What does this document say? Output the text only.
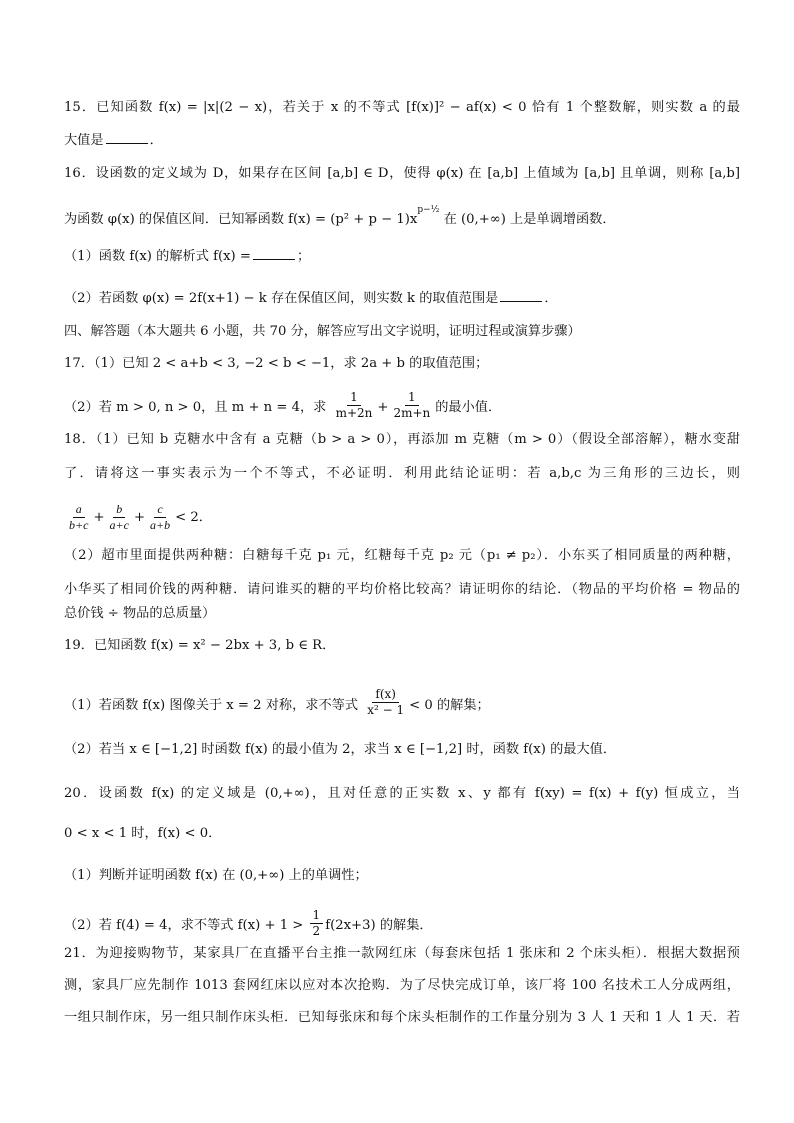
15．已知函数 f(x) = |x|(2 − x)，若关于 x 的不等式 [f(x)]² − af(x) < 0 恰有 1 个整数解，则实数 a 的最
大值是	．
16．设函数的定义域为 D，如果存在区间 [a,b] ∈ D，使得 φ(x) 在 [a,b] 上值域为 [a,b] 且单调，则称 [a,b]
为函数 φ(x) 的保值区间．已知幂函数 $f(x) = (p^2 + p - 1)x^{p-\frac{1}{2}}$ 在 (0,+∞) 上是单调增函数．
（1）函数 f(x) 的解析式 f(x) =	；
（2）若函数 φ(x) = 2f(x+1) − k 存在保值区间，则实数 k 的取值范围是	．
四、解答题（本大题共 6 小题，共 70 分，解答应写出文字说明，证明过程或演算步骤）
17．（1）已知 2 < a+b < 3, −2 < b < −1，求 2a + b 的取值范围；
（2）若 m > 0, n > 0，且 m + n = 4，求 $\frac{1}{m+2n} + \frac{1}{2m+n}$ 的最小值．
18．（1）已知 b 克糖水中含有 a 克糖（b > a > 0），再添加 m 克糖（m > 0）（假设全部溶解），糖水变甜
了．请将这一事实表示为一个不等式，不必证明．利用此结论证明：若 a,b,c 为三角形的三边长，则
$\frac{a}{b+c} + \frac{b}{a+c} + \frac{c}{a+b} < 2$．
（2）超市里面提供两种糖：白糖每千克 p₁ 元，红糖每千克 p₂ 元（p₁ ≠ p₂）．小东买了相同质量的两种糖，
小华买了相同价钱的两种糖．请问谁买的糖的平均价格比较高？请证明你的结论．（物品的平均价格 = 物品的
总价钱 ÷ 物品的总质量）
19．已知函数 f(x) = x² − 2bx + 3, b ∈ R．
（1）若函数 f(x) 图像关于 x = 2 对称，求不等式 $\frac{f(x)}{\text{x² − 1}} < 0$ 的解集；
（2）若当 x ∈ [−1,2] 时函数 f(x) 的最小值为 2，求当 x ∈ [−1,2] 时，函数 f(x) 的最大值．
20．设函数 f(x) 的定义域是 (0,+∞)，且对任意的正实数 x、y 都有 f(xy) = f(x) + f(y) 恒成立，当
0 < x < 1 时，f(x) < 0．
（1）判断并证明函数 f(x) 在 (0,+∞) 上的单调性；
（2）若 f(4) = 4，求不等式 $f(x) + 1 > \frac{1}{2} f(2x+3)$ 的解集．
21．为迎接购物节，某家具厂在直播平台主推一款网红床（每套床包括 1 张床和 2 个床头柜）．根据大数据预
测，家具厂应先制作 1013 套网红床以应对本次抢购．为了尽快完成订单，该厂将 100 名技术工人分成两组，
一组只制作床，另一组只制作床头柜．已知每张床和每个床头柜制作的工作量分别为 3 人 1 天和 1 人 1 天．若
